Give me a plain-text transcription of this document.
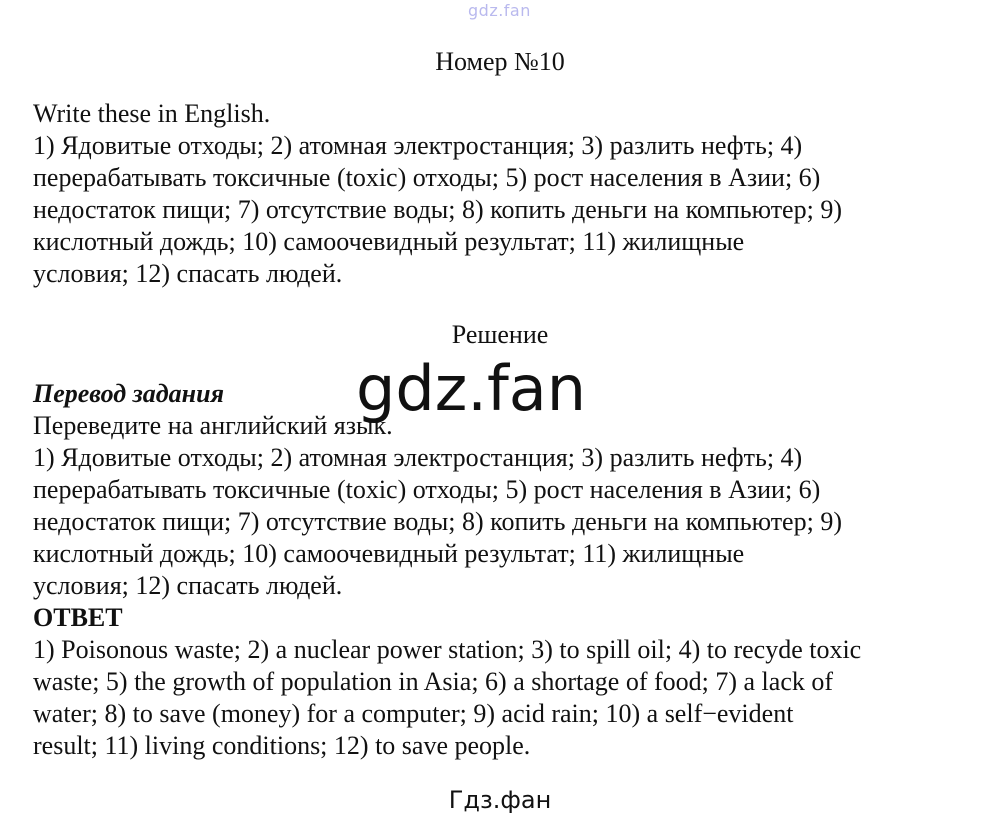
gdz.fan
Номер №10
Write these in English.
1) Ядовитые отходы; 2) атомная электростанция; 3) разлить нефть; 4)
перерабатывать токсичные (toxic) отходы; 5) рост населения в Азии; 6)
недостаток пищи; 7) отсутствие воды; 8) копить деньги на компьютер; 9)
кислотный дождь; 10) самоочевидный результат; 11) жилищные
условия; 12) спасать людей.
Решение
Перевод задания
Переведите на английский язык.
1) Ядовитые отходы; 2) атомная электростанция; 3) разлить нефть; 4)
перерабатывать токсичные (toxic) отходы; 5) рост населения в Азии; 6)
недостаток пищи; 7) отсутствие воды; 8) копить деньги на компьютер; 9)
кислотный дождь; 10) самоочевидный результат; 11) жилищные
условия; 12) спасать людей.
ОТВЕТ
1) Poisonous waste; 2) a nuclear power station; 3) to spill oil; 4) to recyde toxic
waste; 5) the growth of population in Asia; 6) a shortage of food; 7) a lack of
water; 8) to save (money) for a computer; 9) acid rain; 10) a self−evident
result; 11) living conditions; 12) to save people.
gdz.fan
Гдз.фан
